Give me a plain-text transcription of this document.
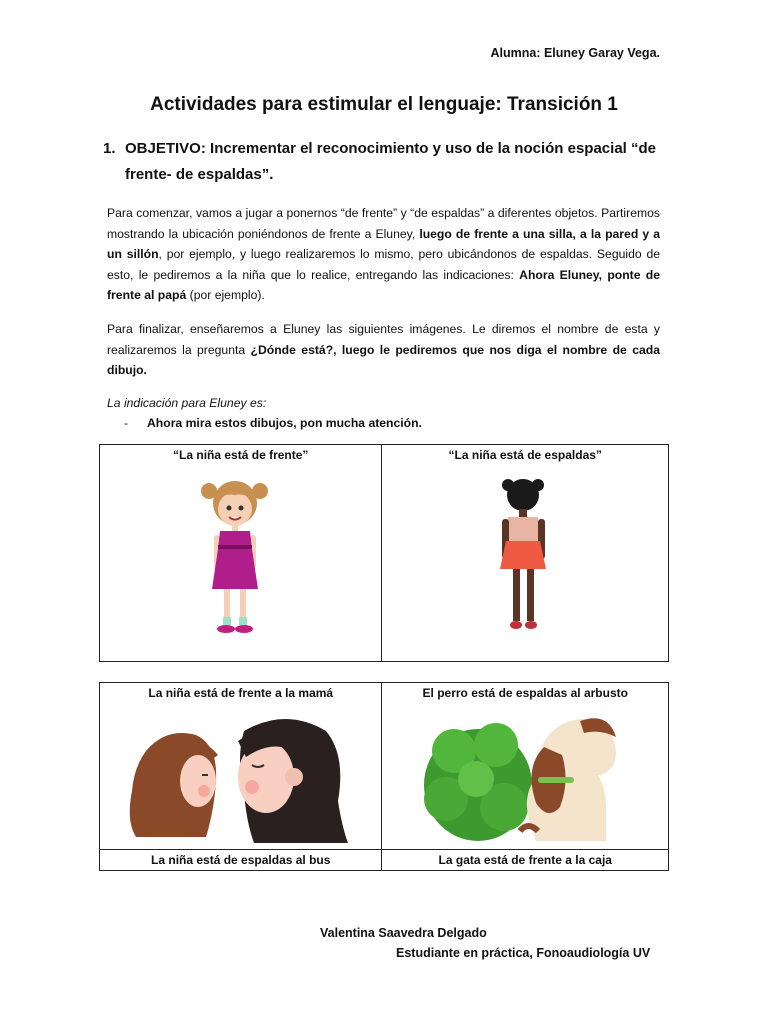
Alumna: Eluney Garay Vega.
Actividades para estimular el lenguaje: Transición 1
1. OBJETIVO: Incrementar el reconocimiento y uso de la noción espacial “de
frente- de espaldas”.
Para comenzar, vamos a jugar a ponernos “de frente” y “de espaldas” a diferentes objetos. Partiremos mostrando la ubicación poniéndonos de frente a Eluney, luego de frente a una silla, a la pared y a un sillón, por ejemplo, y luego realizaremos lo mismo, pero ubicándonos de espaldas. Seguido de esto, le pediremos a la niña que lo realice, entregando las indicaciones: Ahora Eluney, ponte de frente al papá (por ejemplo).
Para finalizar, enseñaremos a Eluney las siguientes imágenes. Le diremos el nombre de esta y realizaremos la pregunta ¿Dónde está?, luego le pediremos que nos diga el nombre de cada dibujo.
La indicación para Eluney es:
- Ahora mira estos dibujos, pon mucha atención.
“La niña está de frente”	“La niña está de espaldas”
La niña está de frente a la mamá	El perro está de espaldas al arbusto

La niña está de espaldas al bus	La gata está de frente a la caja
Valentina Saavedra Delgado
Estudiante en práctica, Fonoaudiología UV
